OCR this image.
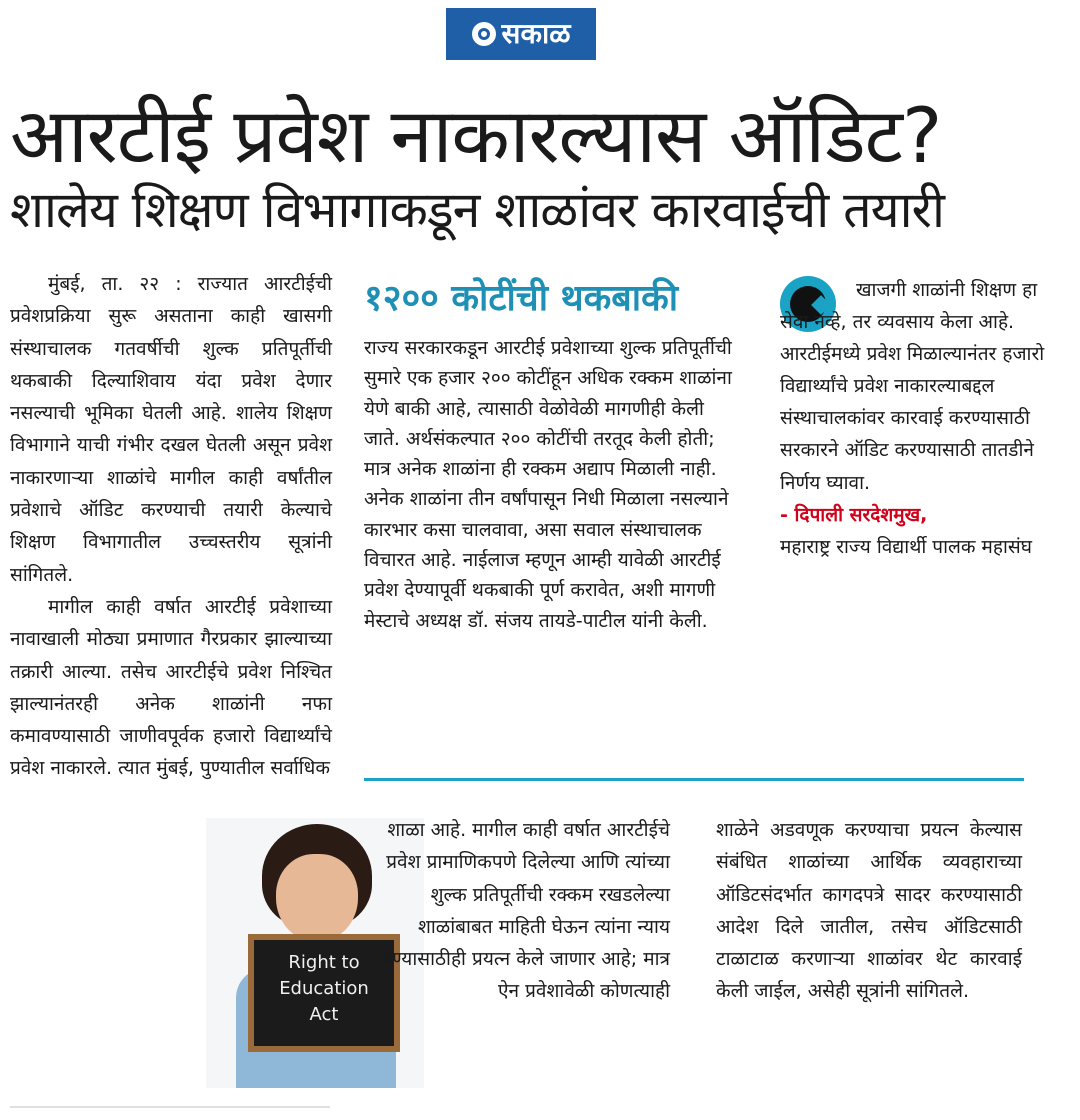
सकाळ
आरटीई प्रवेश नाकारल्यास ऑडिट?
शालेय शिक्षण विभागाकडून शाळांवर कारवाईची तयारी

मुंबई, ता. २२ : राज्यात आरटीईची प्रवेशप्रक्रिया सुरू असताना काही खासगी संस्थाचालक गतवर्षीची शुल्क प्रतिपूर्तीची थकबाकी दिल्याशिवाय यंदा प्रवेश देणार नसल्याची भूमिका घेतली आहे. शालेय शिक्षण विभागाने याची गंभीर दखल घेतली असून प्रवेश नाकारणाऱ्या शाळांचे मागील काही वर्षांतील प्रवेशाचे ऑडिट करण्याची तयारी केल्याचे शिक्षण विभागातील उच्चस्तरीय सूत्रांनी सांगितले.

मागील काही वर्षात आरटीई प्रवेशाच्या नावाखाली मोठ्या प्रमाणात गैरप्रकार झाल्याच्या तक्रारी आल्या. तसेच आरटीईचे प्रवेश निश्चित झाल्यानंतरही अनेक शाळांनी नफा कमावण्यासाठी जाणीवपूर्वक हजारो विद्यार्थ्यांचे प्रवेश नाकारले. त्यात मुंबई, पुण्यातील सर्वाधिक

१२०० कोटींची थकबाकी
राज्य सरकारकडून आरटीई प्रवेशाच्या शुल्क प्रतिपूर्तीची सुमारे एक हजार २०० कोटींहून अधिक रक्कम शाळांना येणे बाकी आहे, त्यासाठी वेळोवेळी मागणीही केली जाते. अर्थसंकल्पात २०० कोटींची तरतूद केली होती; मात्र अनेक शाळांना ही रक्कम अद्याप मिळाली नाही. अनेक शाळांना तीन वर्षांपासून निधी मिळाला नसल्याने कारभार कसा चालवावा, असा सवाल संस्थाचालक विचारत आहे. नाईलाज म्हणून आम्ही यावेळी आरटीई प्रवेश देण्यापूर्वी थकबाकी पूर्ण करावेत, अशी मागणी मेस्टाचे अध्यक्ष डॉ. संजय तायडे-पाटील यांनी केली.
खाजगी शाळांनी शिक्षण हा
सेवा नव्हे, तर व्यवसाय केला आहे. आरटीईमध्ये प्रवेश मिळाल्यानंतर हजारो विद्यार्थ्यांचे प्रवेश नाकारल्याबद्दल संस्थाचालकांवर कारवाई करण्यासाठी सरकारने ऑडिट करण्यासाठी तातडीने निर्णय घ्यावा.
- दिपाली सरदेशमुख,
महाराष्ट्र राज्य विद्यार्थी पालक महासंघ
Right to
Education
Act
शाळा आहे. मागील काही वर्षात आरटीईचे प्रवेश प्रामाणिकपणे दिलेल्या आणि त्यांच्या शुल्क प्रतिपूर्तीची रक्कम रखडलेल्या शाळांबाबत माहिती घेऊन त्यांना न्याय देण्यासाठीही प्रयत्न केले जाणार आहे; मात्र ऐन प्रवेशावेळी कोणत्याही
शाळेने अडवणूक करण्याचा प्रयत्न केल्यास संबंधित शाळांच्या आर्थिक व्यवहाराच्या ऑडिटसंदर्भात कागदपत्रे सादर करण्यासाठी आदेश दिले जातील, तसेच ऑडिटसाठी टाळाटाळ करणाऱ्या शाळांवर थेट कारवाई केली जाईल, असेही सूत्रांनी सांगितले.
